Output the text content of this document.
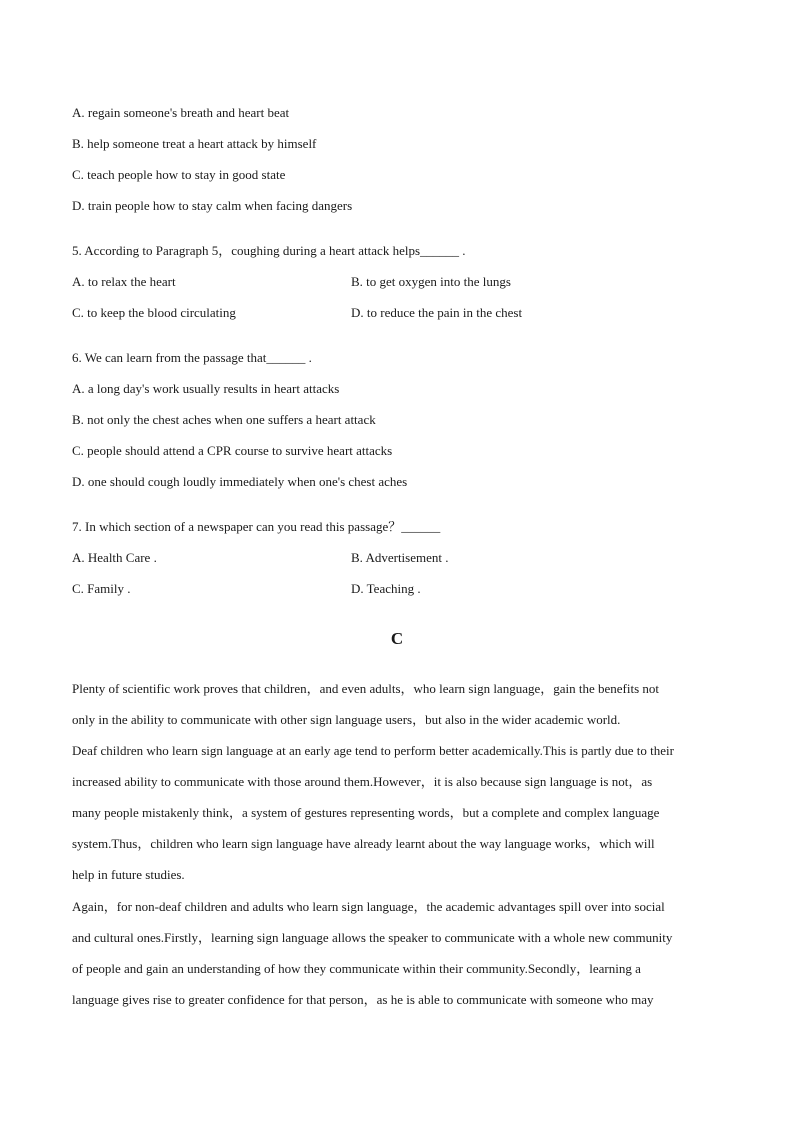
A. regain someone's breath and heart beat
B. help someone treat a heart attack by himself
C. teach people how to stay in good state
D. train people how to stay calm when facing dangers
5. According to Paragraph 5，coughing during a heart attack helps______ .
A. to relax the heart	B. to get oxygen into the lungs
C. to keep the blood circulating	D. to reduce the pain in the chest
6. We can learn from the passage that______ .
A. a long day's work usually results in heart attacks
B. not only the chest aches when one suffers a heart attack
C. people should attend a CPR course to survive heart attacks
D. one should cough loudly immediately when one's chest aches
7. In which section of a newspaper can you read this passage？______
A. Health Care .	B. Advertisement .
C. Family .	D. Teaching .
C
Plenty of scientific work proves that children，and even adults，who learn sign language，gain the benefits not
only in the ability to communicate with other sign language users，but also in the wider academic world.
Deaf children who learn sign language at an early age tend to perform better academically.This is partly due to their
increased ability to communicate with those around them.However，it is also because sign language is not，as
many people mistakenly think，a system of gestures representing words，but a complete and complex language
system.Thus，children who learn sign language have already learnt about the way language works，which will
help in future studies.
Again，for non-deaf children and adults who learn sign language，the academic advantages spill over into social
and cultural ones.Firstly，learning sign language allows the speaker to communicate with a whole new community
of people and gain an understanding of how they communicate within their community.Secondly，learning a
language gives rise to greater confidence for that person，as he is able to communicate with someone who may
